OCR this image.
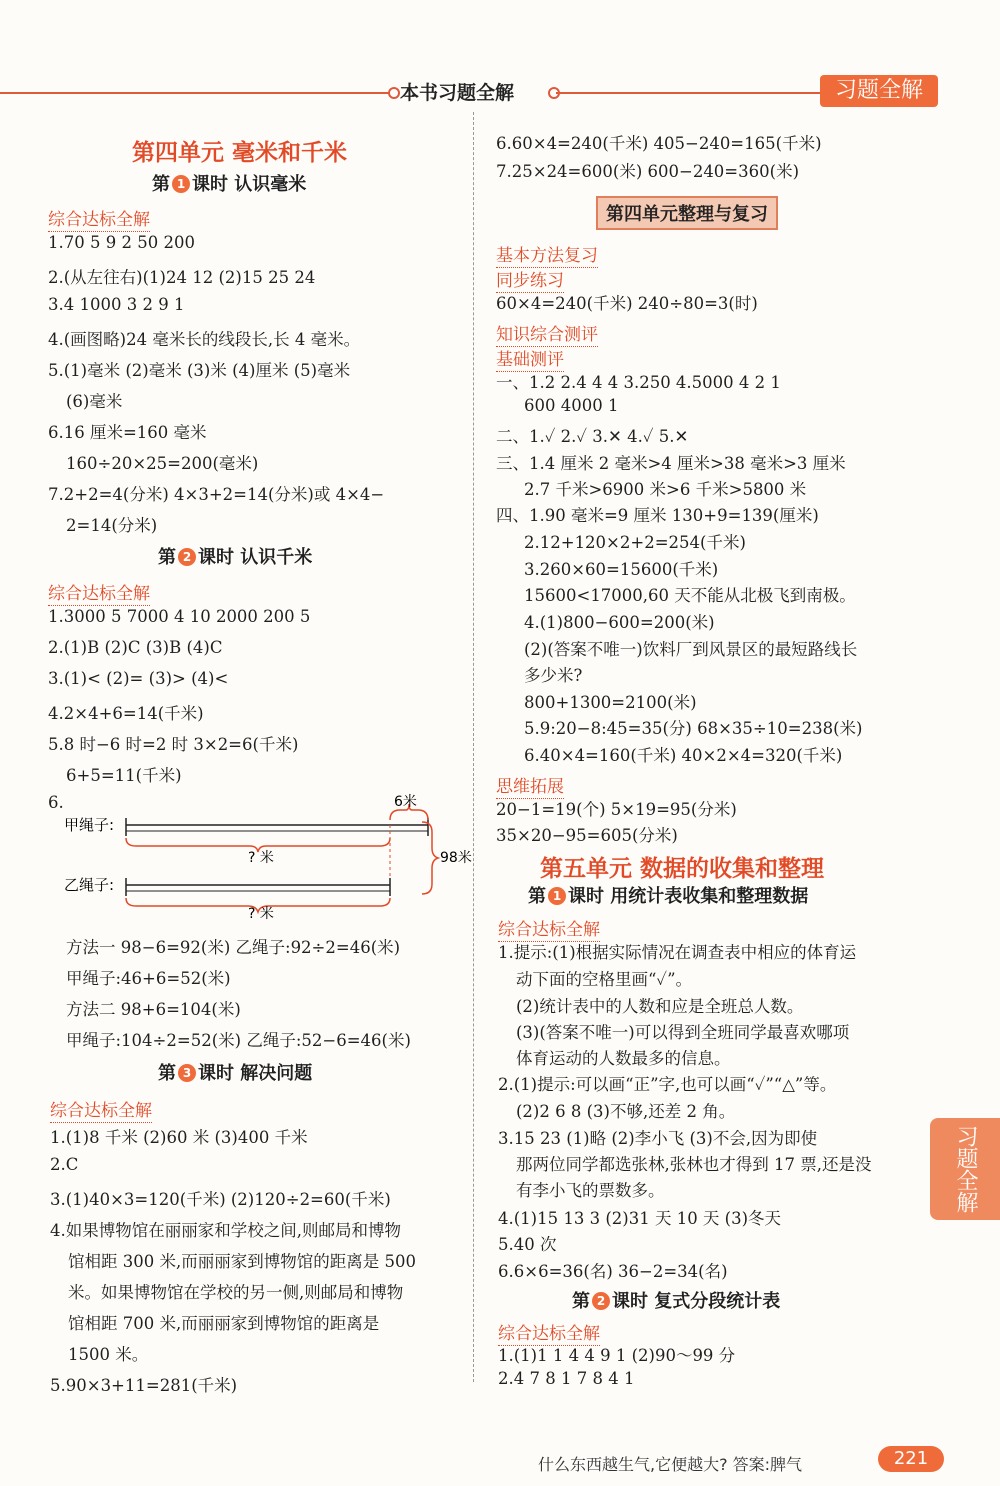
本书习题全解	习题全解
习题全解
第四单元 毫米和千米
第 1 课时 认识毫米
综合达标全解
1.70 5 9 2 50 200
2.(从左往右)(1)24 12 (2)15 25 24
3.4 1000 3 2 9 1
4.(画图略)24 毫米长的线段长,长 4 毫米。
5.(1)毫米 (2)毫米 (3)米 (4)厘米 (5)毫米
(6)毫米
6.16 厘米=160 毫米
160÷20×25=200(毫米)
7.2+2=4(分米) 4×3+2=14(分米)或 4×4−
2=14(分米)
第 2 课时 认识千米
综合达标全解
1.3000 5 7000 4 10 2000 200 5
2.(1)B (2)C (3)B (4)C
3.(1)< (2)= (3)> (4)<
4.2×4+6=14(千米)
5.8 时−6 时=2 时 3×2=6(千米)
6+5=11(千米)
6.
甲绳子:
6米
? 米
乙绳子:
? 米
98米
方法一 98−6=92(米) 乙绳子:92÷2=46(米)
甲绳子:46+6=52(米)
方法二 98+6=104(米)
甲绳子:104÷2=52(米) 乙绳子:52−6=46(米)
第 3 课时 解决问题
综合达标全解
1.(1)8 千米 (2)60 米 (3)400 千米
2.C
3.(1)40×3=120(千米) (2)120÷2=60(千米)
4.如果博物馆在丽丽家和学校之间,则邮局和博物
馆相距 300 米,而丽丽家到博物馆的距离是 500
米。如果博物馆在学校的另一侧,则邮局和博物
馆相距 700 米,而丽丽家到博物馆的距离是
1500 米。
5.90×3+11=281(千米)
6.60×4=240(千米) 405−240=165(千米)
7.25×24=600(米) 600−240=360(米)
第四单元整理与复习
基本方法复习
同步练习
60×4=240(千米) 240÷80=3(时)
知识综合测评
基础测评
一、1.2 2.4 4 4 3.250 4.5000 4 2 1
600 4000 1
二、1.✓ 2.✓ 3.✕ 4.✓ 5.✕
三、1.4 厘米 2 毫米>4 厘米>38 毫米>3 厘米
2.7 千米>6900 米>6 千米>5800 米
四、1.90 毫米=9 厘米 130+9=139(厘米)
2.12+120×2+2=254(千米)
3.260×60=15600(千米)
15600<17000,60 天不能从北极飞到南极。
4.(1)800−600=200(米)
(2)(答案不唯一)饮料厂到风景区的最短路线长
多少米?
800+1300=2100(米)
5.9:20−8:45=35(分) 68×35÷10=238(米)
6.40×4=160(千米) 40×2×4=320(千米)
思维拓展
20−1=19(个) 5×19=95(分米)
35×20−95=605(分米)
第五单元 数据的收集和整理
第 1 课时 用统计表收集和整理数据
综合达标全解
1.提示:(1)根据实际情况在调查表中相应的体育运
动下面的空格里画“✓”。
(2)统计表中的人数和应是全班总人数。
(3)(答案不唯一)可以得到全班同学最喜欢哪项
体育运动的人数最多的信息。
2.(1)提示:可以画“正”字,也可以画“✓”“△”等。
(2)2 6 8 (3)不够,还差 2 角。
3.15 23 (1)略 (2)李小飞 (3)不会,因为即使
那两位同学都选张林,张林也才得到 17 票,还是没
有李小飞的票数多。
4.(1)15 13 3 (2)31 天 10 天 (3)冬天
5.40 次
6.6×6=36(名) 36−2=34(名)
第 2 课时 复式分段统计表
综合达标全解
1.(1)1 1 4 4 9 1 (2)90～99 分
2.4 7 8 1 7 8 4 1
什么东西越生气,它便越大? 答案:脾气	221
